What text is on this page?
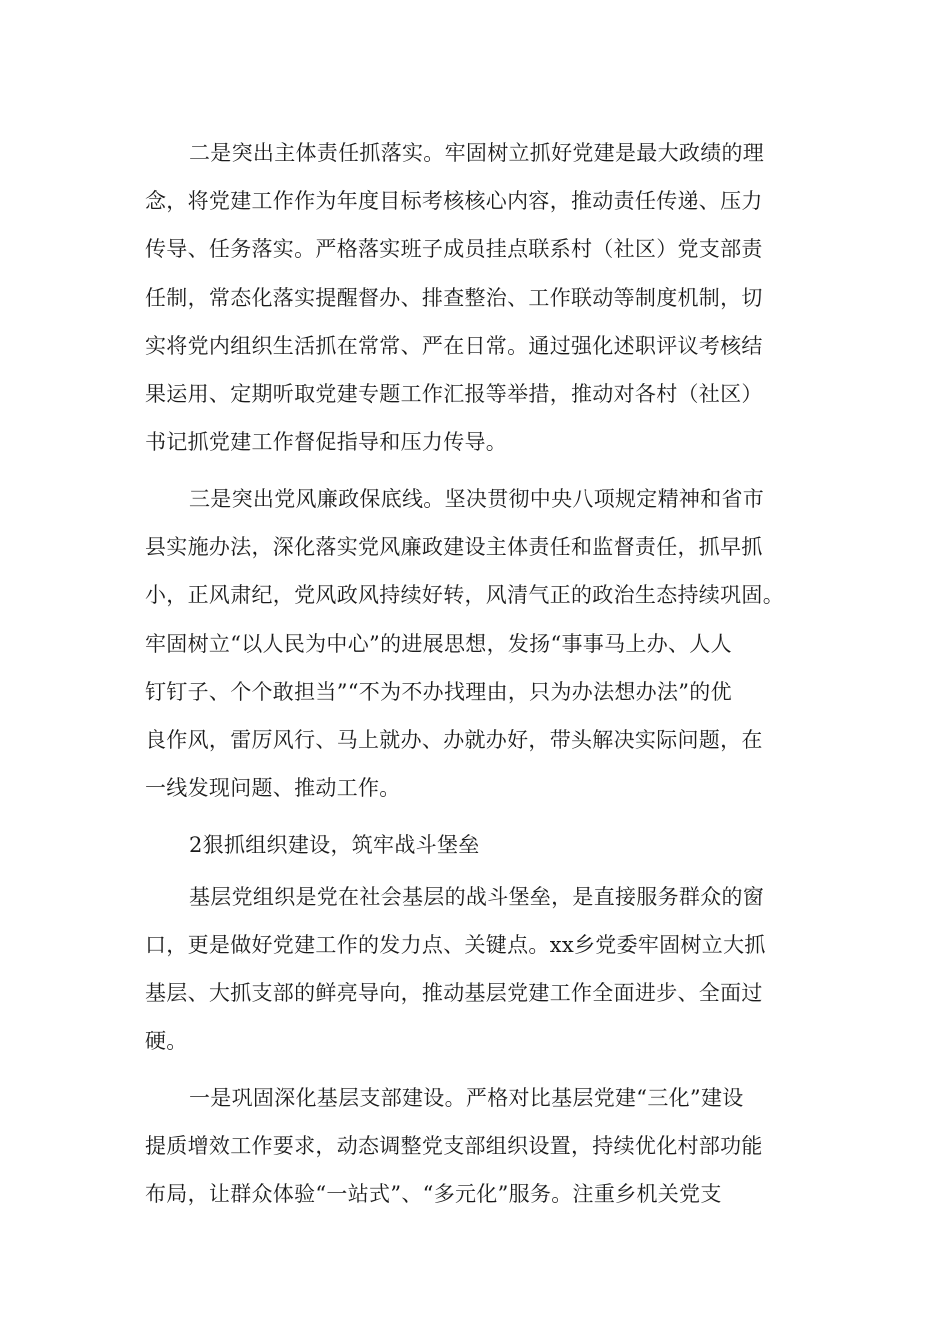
二是突出主体责任抓落实。牢固树立抓好党建是最大政绩的理
念，将党建工作作为年度目标考核核心内容，推动责任传递、压力
传导、任务落实。严格落实班子成员挂点联系村（社区）党支部责
任制，常态化落实提醒督办、排查整治、工作联动等制度机制，切
实将党内组织生活抓在常常、严在日常。通过强化述职评议考核结
果运用、定期听取党建专题工作汇报等举措，推动对各村（社区）
书记抓党建工作督促指导和压力传导。
三是突出党风廉政保底线。坚决贯彻中央八项规定精神和省市
县实施办法，深化落实党风廉政建设主体责任和监督责任，抓早抓
小，正风肃纪，党风政风持续好转，风清气正的政治生态持续巩固。
牢固树立“以人民为中心”的进展思想，发扬“事事马上办、人人
钉钉子、个个敢担当”“不为不办找理由，只为办法想办法”的优
良作风，雷厉风行、马上就办、办就办好，带头解决实际问题，在
一线发现问题、推动工作。
2狠抓组织建设，筑牢战斗堡垒
基层党组织是党在社会基层的战斗堡垒，是直接服务群众的窗
口，更是做好党建工作的发力点、关键点。xx乡党委牢固树立大抓
基层、大抓支部的鲜亮导向，推动基层党建工作全面进步、全面过
硬。
一是巩固深化基层支部建设。严格对比基层党建“三化”建设
提质增效工作要求，动态调整党支部组织设置，持续优化村部功能
布局，让群众体验“一站式”、“多元化”服务。注重乡机关党支
